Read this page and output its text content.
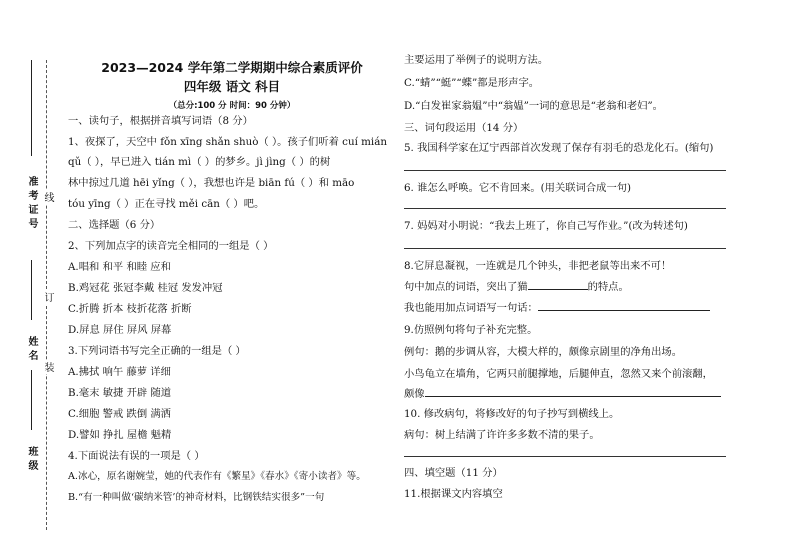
准考证号
姓名
班级
线
订
装
2023—2024 学年第二学期期中综合素质评价
四年级 语文 科目
（总分:100 分 时间：90 分钟）

一、读句子，根据拼音填写词语（8 分）

1、夜探了，天空中 fǒn xīng shǎn shuò（ ）。孩子们听着 cuí mián

qǔ（ ），早已进入 tián mì（ ）的梦乡。jì jìng（ ）的树

林中掠过几道 hēi yǐng（ ），我想也许是 biān fú（ ）和 māo

tóu yīng（ ）正在寻找 měi cān（ ）吧。

二、选择题（6 分）

2、下列加点字的读音完全相同的一组是（ ）

A.唱和 和平 和睦 应和

B.鸡冠花 张冠李戴 桂冠 发发冲冠

C.折腾 折本 枝折花落 折断

D.屏息 屏住 屏风 屏幕

3.下列词语书写完全正确的一组是（ ）

A.拂拭 响午 藤萝 详细

B.毫末 敏捷 开辟 随道

C.细胞 警戒 跌倒 满洒

D.譬如 挣扎 屋檐 魁精

4.下面说法有误的一项是（ ）

A.冰心，原名谢婉莹，她的代表作有《繁星》《春水》《寄小读者》等。

B.“有一种叫做‘碳纳米管’的神奇材料，比钢铁结实很多”一句

主要运用了举例子的说明方法。

C.“蜻”“蜓”“蝶”都是形声字。

D.“白发崔家翁媪”中“翁媪”一词的意思是“老翁和老妇”。

三、词句段运用（14 分）

5. 我国科学家在辽宁西部首次发现了保存有羽毛的恐龙化石。(缩句)

6. 谁怎么呼唤。它不肯回来。(用关联词合成一句)

7. 妈妈对小明说：“我去上班了，你自己写作业。”(改为转述句)

8.它屏息凝视，一连就是几个钟头，非把老鼠等出来不可！

句中加点的词语，突出了猫	的特点。

我也能用加点词语写一句话：

9.仿照例句将句子补充完整。

例句：鹅的步调从容，大模大样的，颇像京剧里的净角出场。

小鸟龟立在墙角，它两只前腿撑地，后腿伸直，忽然又来个前滚翻，

颇像

10. 修改病句，将修改好的句子抄写到横线上。

病句：树上结满了许许多多数不清的果子。

四、填空题（11 分）

11.根据课文内容填空
